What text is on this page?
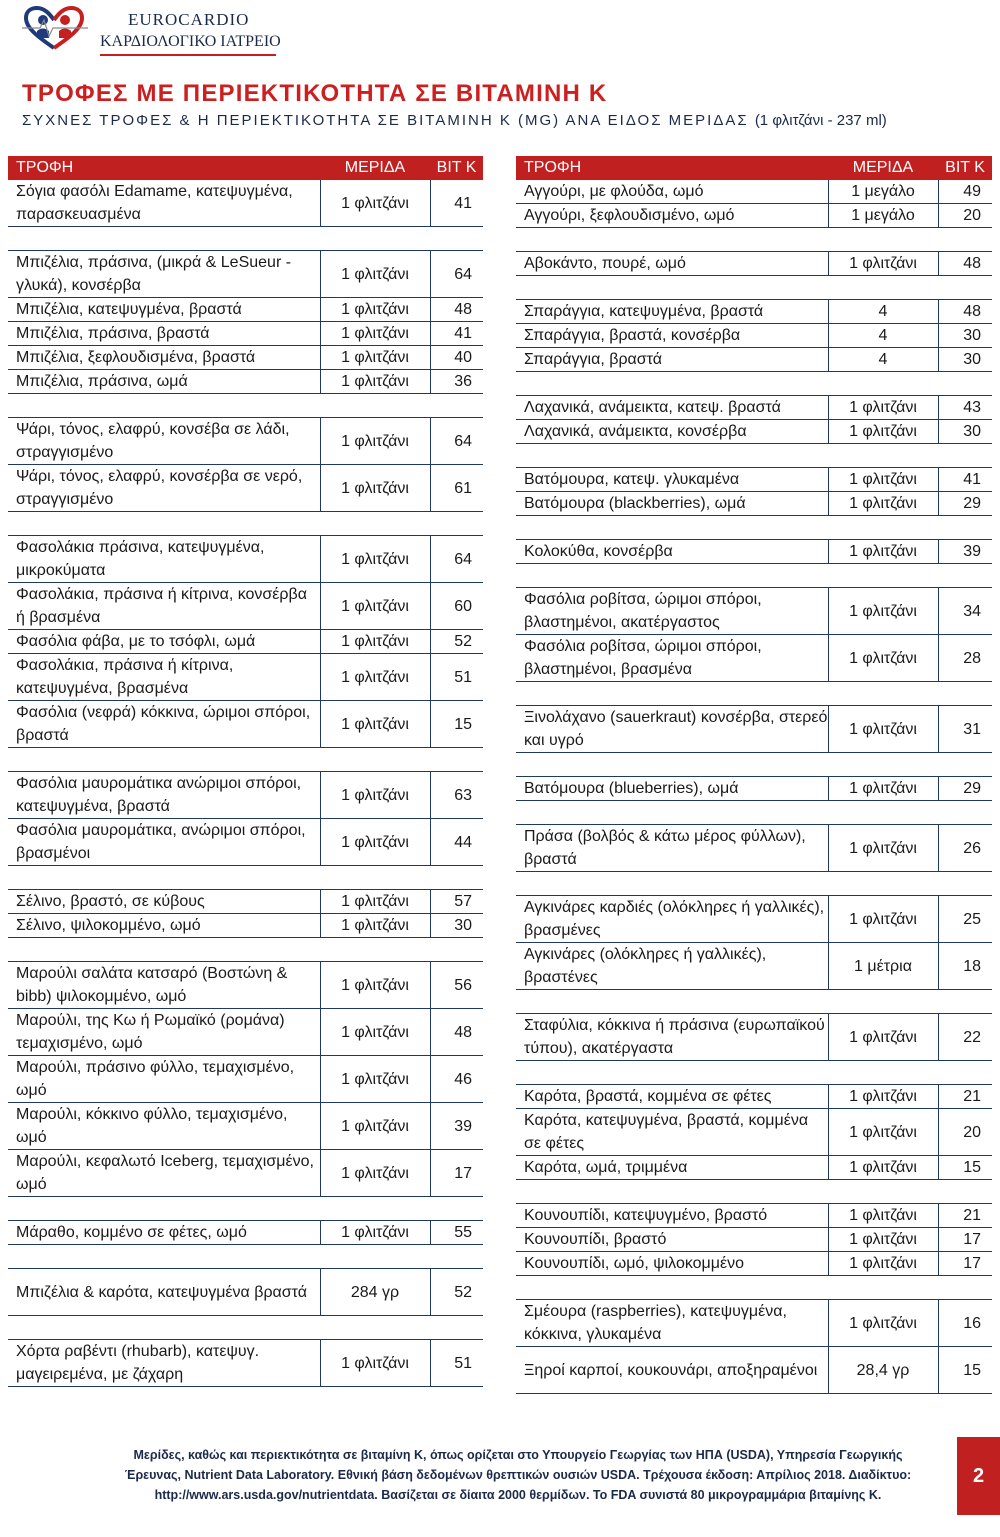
EUROCARDIO
ΚΑΡΔΙΟΛΟΓΙΚΟ ΙΑΤΡΕΙΟ
ΤΡΟΦΕΣ ΜΕ ΠΕΡΙΕΚΤΙΚΟΤΗΤΑ ΣΕ ΒΙΤΑΜΙΝΗ Κ
ΣΥΧΝΕΣ ΤΡΟΦΕΣ & Η ΠΕΡΙΕΚΤΙΚΟΤΗΤΑ ΣΕ ΒΙΤΑΜΙΝΗ Κ (MG) ΑΝΑ ΕΙΔΟΣ ΜΕΡΙΔΑΣ (1 φλιτζάνι - 237 ml)
ΤΡΟΦΗ	ΜΕΡΙΔΑ	ΒΙΤ Κ
Σόγια φασόλι Edamame, κατεψυγμένα, παρασκευασμένα	1 φλιτζάνι	41

Μπιζέλια, πράσινα, (μικρά & LeSueur - γλυκά), κονσέρβα	1 φλιτζάνι	64
Μπιζέλια, κατεψυγμένα, βραστά	1 φλιτζάνι	48
Μπιζέλια, πράσινα, βραστά	1 φλιτζάνι	41
Μπιζέλια, ξεφλουδισμένα, βραστά	1 φλιτζάνι	40
Μπιζέλια, πράσινα, ωμά	1 φλιτζάνι	36

Ψάρι, τόνος, ελαφρύ, κονσέβα σε λάδι, στραγγισμένο	1 φλιτζάνι	64
Ψάρι, τόνος, ελαφρύ, κονσέρβα σε νερό, στραγγισμένο	1 φλιτζάνι	61

Φασολάκια πράσινα, κατεψυγμένα, μικροκύματα	1 φλιτζάνι	64
Φασολάκια, πράσινα ή κίτρινα, κονσέρβα ή βρασμένα	1 φλιτζάνι	60
Φασόλια φάβα, με το τσόφλι, ωμά	1 φλιτζάνι	52
Φασολάκια, πράσινα ή κίτρινα, κατεψυγμένα, βρασμένα	1 φλιτζάνι	51
Φασόλια (νεφρά) κόκκινα, ώριμοι σπόροι, βραστά	1 φλιτζάνι	15

Φασόλια μαυρομάτικα ανώριμοι σπόροι, κατεψυγμένα, βραστά	1 φλιτζάνι	63
Φασόλια μαυρομάτικα, ανώριμοι σπόροι, βρασμένοι	1 φλιτζάνι	44

Σέλινο, βραστό, σε κύβους	1 φλιτζάνι	57
Σέλινο, ψιλοκομμένο, ωμό	1 φλιτζάνι	30

Μαρούλι σαλάτα κατσαρό (Βοστώνη & bibb) ψιλοκομμένο, ωμό	1 φλιτζάνι	56
Μαρούλι, της Κω ή Ρωμαϊκό (ρομάνα) τεμαχισμένο, ωμό	1 φλιτζάνι	48
Μαρούλι, πράσινο φύλλο, τεμαχισμένο, ωμό	1 φλιτζάνι	46
Μαρούλι, κόκκινο φύλλο, τεμαχισμένο, ωμό	1 φλιτζάνι	39
Μαρούλι, κεφαλωτό Iceberg, τεμαχισμένο, ωμό	1 φλιτζάνι	17

Μάραθο, κομμένο σε φέτες, ωμό	1 φλιτζάνι	55

Μπιζέλια & καρότα, κατεψυγμένα βραστά	284 γρ	52

Χόρτα ραβέντι (rhubarb), κατεψυγ. μαγειρεμένα, με ζάχαρη	1 φλιτζάνι	51
ΤΡΟΦΗ	ΜΕΡΙΔΑ	ΒΙΤ Κ
Αγγούρι, με φλούδα, ωμό	1 μεγάλο	49
Αγγούρι, ξεφλουδισμένο, ωμό	1 μεγάλο	20

Αβοκάντο, πουρέ, ωμό	1 φλιτζάνι	48

Σπαράγγια, κατεψυγμένα, βραστά	4	48
Σπαράγγια, βραστά, κονσέρβα	4	30
Σπαράγγια, βραστά	4	30

Λαχανικά, ανάμεικτα, κατεψ. βραστά	1 φλιτζάνι	43
Λαχανικά, ανάμεικτα, κονσέρβα	1 φλιτζάνι	30

Βατόμουρα, κατεψ. γλυκαμένα	1 φλιτζάνι	41
Βατόμουρα (blackberries), ωμά	1 φλιτζάνι	29

Κολοκύθα, κονσέρβα	1 φλιτζάνι	39

Φασόλια ροβίτσα, ώριμοι σπόροι, βλαστημένοι, ακατέργαστος	1 φλιτζάνι	34
Φασόλια ροβίτσα, ώριμοι σπόροι, βλαστημένοι, βρασμένα	1 φλιτζάνι	28

Ξινολάχανο (sauerkraut) κονσέρβα, στερεό και υγρό	1 φλιτζάνι	31

Βατόμουρα (blueberries), ωμά	1 φλιτζάνι	29

Πράσα (βολβός & κάτω μέρος φύλλων), βραστά	1 φλιτζάνι	26

Αγκινάρες καρδιές (ολόκληρες ή γαλλικές), βρασμένες	1 φλιτζάνι	25
Αγκινάρες (ολόκληρες ή γαλλικές), βραστένες	1 μέτρια	18

Σταφύλια, κόκκινα ή πράσινα (ευρωπαϊκού τύπου), ακατέργαστα	1 φλιτζάνι	22

Καρότα, βραστά, κομμένα σε φέτες	1 φλιτζάνι	21
Καρότα, κατεψυγμένα, βραστά, κομμένα σε φέτες	1 φλιτζάνι	20
Καρότα, ωμά, τριμμένα	1 φλιτζάνι	15

Κουνουπίδι, κατεψυγμένο, βραστό	1 φλιτζάνι	21
Κουνουπίδι, βραστό	1 φλιτζάνι	17
Κουνουπίδι, ωμό, ψιλοκομμένο	1 φλιτζάνι	17

Σμέουρα (raspberries), κατεψυγμένα, κόκκινα, γλυκαμένα	1 φλιτζάνι	16
Ξηροί καρποί, κουκουνάρι, αποξηραμένοι	28,4 γρ	15
Μερίδες, καθώς και περιεκτικότητα σε βιταμίνη Κ, όπως ορίζεται στο Υπουργείο Γεωργίας των ΗΠΑ (USDA), Υπηρεσία Γεωργικής
Έρευνας, Nutrient Data Laboratory. Εθνική βάση δεδομένων θρεπτικών ουσιών USDA. Τρέχουσα έκδοση: Απρίλιος 2018. Διαδίκτυο:
http://www.ars.usda.gov/nutrientdata. Βασίζεται σε δίαιτα 2000 θερμίδων. Το FDA συνιστά 80 μικρογραμμάρια βιταμίνης Κ.
2
